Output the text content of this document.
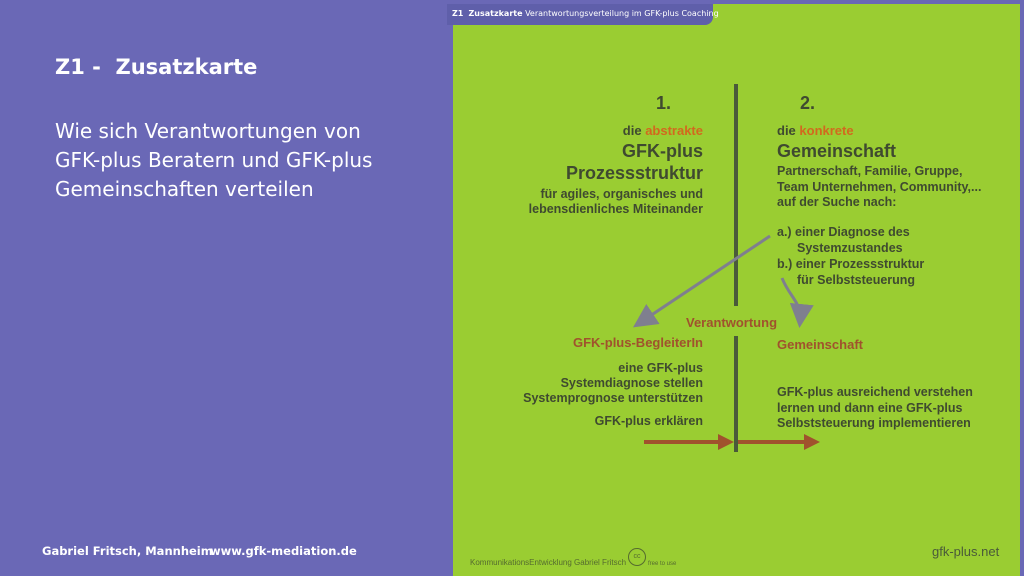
Z1 -  Zusatzkarte
Wie sich Verantwortungen von
GFK-plus Beratern und GFK-plus
Gemeinschaften verteilen
Gabriel Fritsch, Mannheim
www.gfk-mediation.de
Z1 Zusatzkarte Verantwortungsverteilung im GFK-plus Coaching
1.
die abstrakte
GFK-plus
Prozessstruktur
für agiles, organisches und
lebensdienliches Miteinander
2.
die konkrete
Gemeinschaft
Partnerschaft, Familie, Gruppe,
Team Unternehmen, Community,...
auf der Suche nach:
a.) einer Diagnose des
Systemzustandes
b.) einer Prozessstruktur
für Selbststeuerung
Verantwortung
GFK-plus-BegleiterIn
eine GFK-plus
Systemdiagnose stellen
Systemprognose unterstützen
GFK-plus erklären
Gemeinschaft
GFK-plus ausreichend verstehen
lernen und dann eine GFK-plus
Selbststeuerung implementieren
KommunikationsEntwicklung Gabriel Fritsch
cc
free to use
gfk-plus.net
